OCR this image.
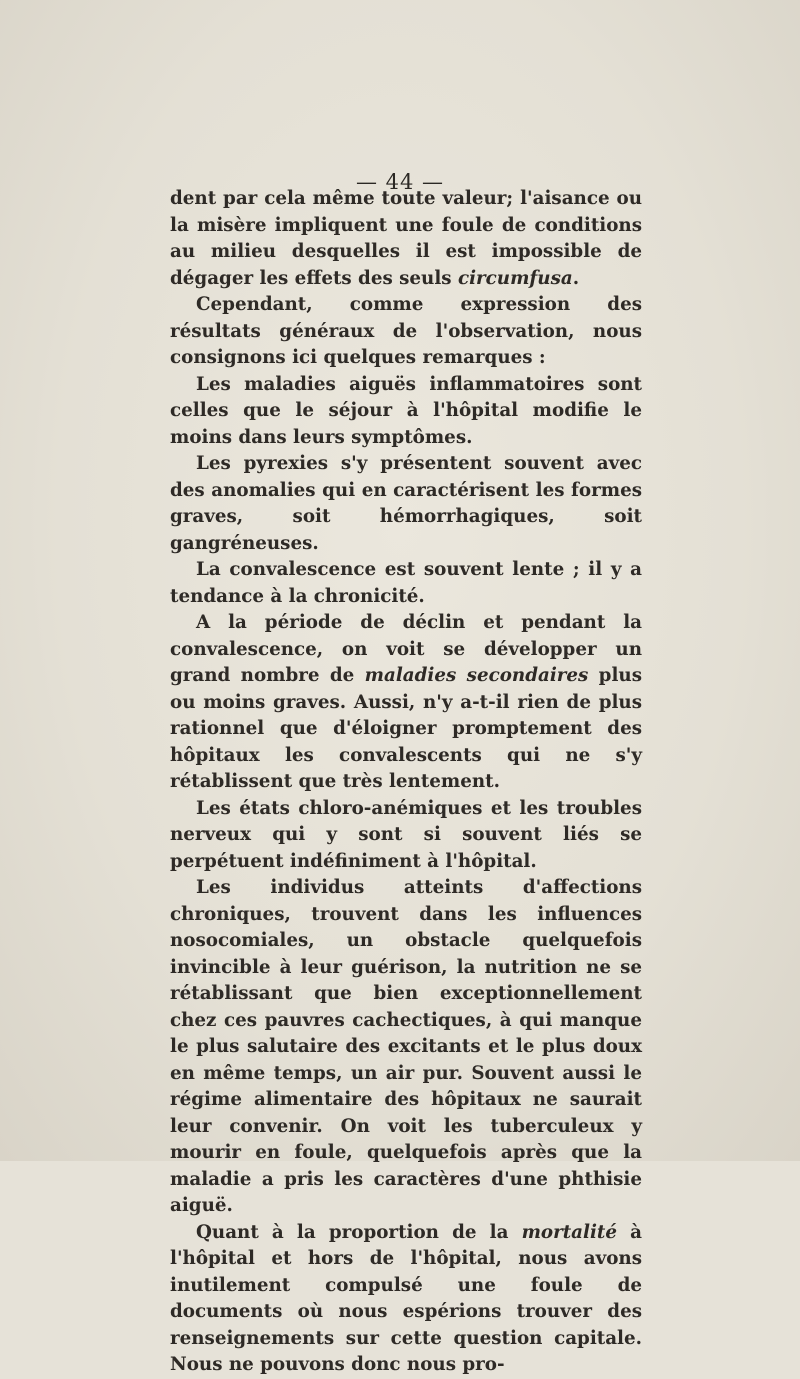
— 44 —

dent par cela même toute valeur; l'aisance ou la misère impliquent une foule de conditions au milieu desquelles il est impossible de dégager les effets des seuls circumfusa.

Cependant, comme expression des résultats généraux de l'observation, nous consignons ici quelques remarques :

Les maladies aiguës inflammatoires sont celles que le séjour à l'hôpital modifie le moins dans leurs symptômes.

Les pyrexies s'y présentent souvent avec des anomalies qui en caractérisent les formes graves, soit hémorrhagiques, soit gangréneuses.

La convalescence est souvent lente ; il y a tendance à la chronicité.

A la période de déclin et pendant la convalescence, on voit se développer un grand nombre de maladies secondaires plus ou moins graves. Aussi, n'y a-t-il rien de plus rationnel que d'éloigner promptement des hôpitaux les convalescents qui ne s'y rétablissent que très lentement.

Les états chloro-anémiques et les troubles nerveux qui y sont si souvent liés se perpétuent indéfiniment à l'hôpital.

Les individus atteints d'affections chroniques, trouvent dans les influences nosocomiales, un obstacle quelquefois invincible à leur guérison, la nutrition ne se rétablissant que bien exceptionnellement chez ces pauvres cachectiques, à qui manque le plus salutaire des excitants et le plus doux en même temps, un air pur. Souvent aussi le régime alimentaire des hôpitaux ne saurait leur convenir. On voit les tuberculeux y mourir en foule, quelquefois après que la maladie a pris les caractères d'une phthisie aiguë.

Quant à la proportion de la mortalité à l'hôpital et hors de l'hôpital, nous avons inutilement compulsé une foule de documents où nous espérions trouver des renseignements sur cette question capitale. Nous ne pouvons donc nous pro-
